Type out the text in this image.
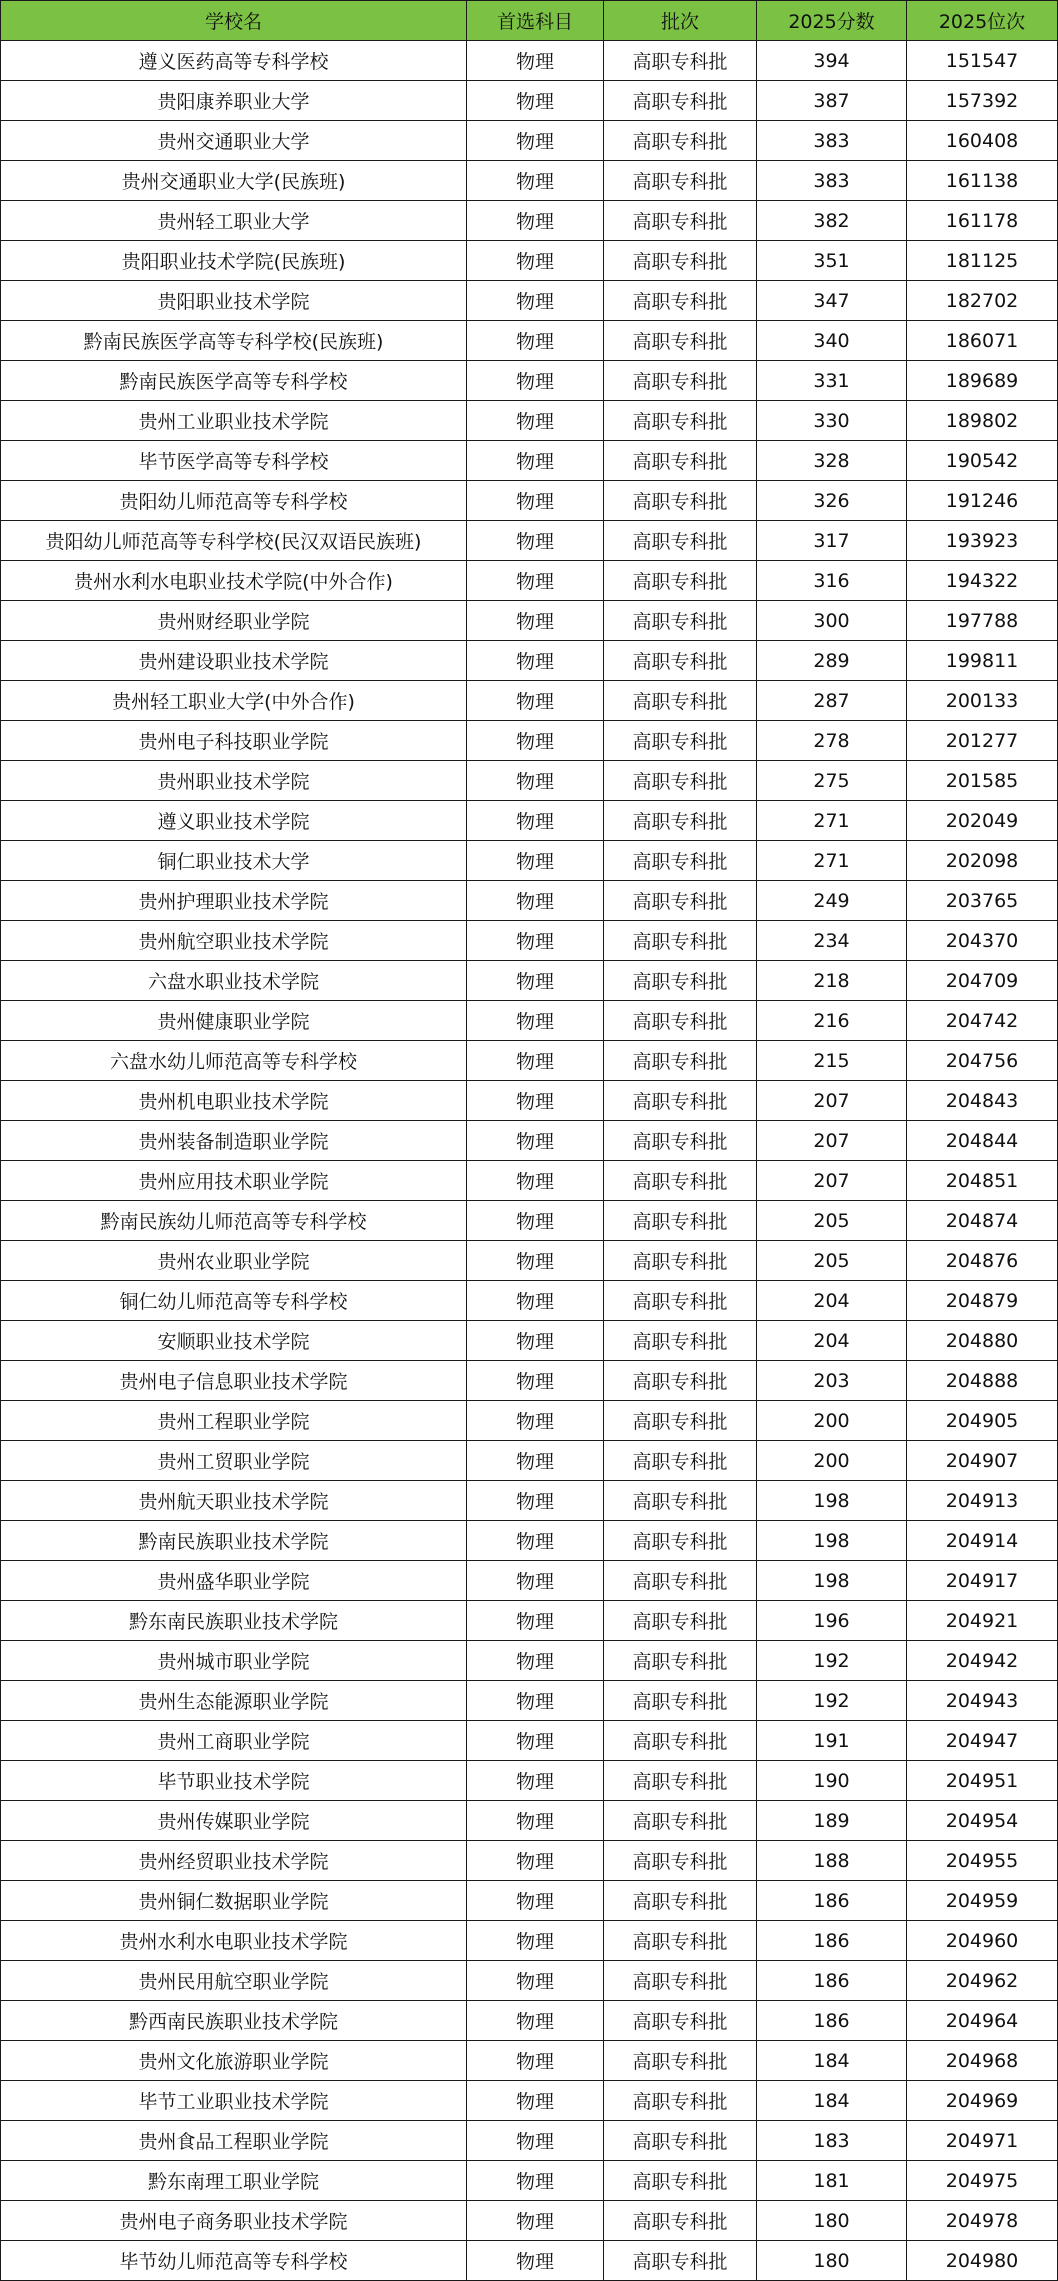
学校名	首选科目	批次	2025分数	2025位次
遵义医药高等专科学校	物理	高职专科批	394	151547
贵阳康养职业大学	物理	高职专科批	387	157392
贵州交通职业大学	物理	高职专科批	383	160408
贵州交通职业大学(民族班)	物理	高职专科批	383	161138
贵州轻工职业大学	物理	高职专科批	382	161178
贵阳职业技术学院(民族班)	物理	高职专科批	351	181125
贵阳职业技术学院	物理	高职专科批	347	182702
黔南民族医学高等专科学校(民族班)	物理	高职专科批	340	186071
黔南民族医学高等专科学校	物理	高职专科批	331	189689
贵州工业职业技术学院	物理	高职专科批	330	189802
毕节医学高等专科学校	物理	高职专科批	328	190542
贵阳幼儿师范高等专科学校	物理	高职专科批	326	191246
贵阳幼儿师范高等专科学校(民汉双语民族班)	物理	高职专科批	317	193923
贵州水利水电职业技术学院(中外合作)	物理	高职专科批	316	194322
贵州财经职业学院	物理	高职专科批	300	197788
贵州建设职业技术学院	物理	高职专科批	289	199811
贵州轻工职业大学(中外合作)	物理	高职专科批	287	200133
贵州电子科技职业学院	物理	高职专科批	278	201277
贵州职业技术学院	物理	高职专科批	275	201585
遵义职业技术学院	物理	高职专科批	271	202049
铜仁职业技术大学	物理	高职专科批	271	202098
贵州护理职业技术学院	物理	高职专科批	249	203765
贵州航空职业技术学院	物理	高职专科批	234	204370
六盘水职业技术学院	物理	高职专科批	218	204709
贵州健康职业学院	物理	高职专科批	216	204742
六盘水幼儿师范高等专科学校	物理	高职专科批	215	204756
贵州机电职业技术学院	物理	高职专科批	207	204843
贵州装备制造职业学院	物理	高职专科批	207	204844
贵州应用技术职业学院	物理	高职专科批	207	204851
黔南民族幼儿师范高等专科学校	物理	高职专科批	205	204874
贵州农业职业学院	物理	高职专科批	205	204876
铜仁幼儿师范高等专科学校	物理	高职专科批	204	204879
安顺职业技术学院	物理	高职专科批	204	204880
贵州电子信息职业技术学院	物理	高职专科批	203	204888
贵州工程职业学院	物理	高职专科批	200	204905
贵州工贸职业学院	物理	高职专科批	200	204907
贵州航天职业技术学院	物理	高职专科批	198	204913
黔南民族职业技术学院	物理	高职专科批	198	204914
贵州盛华职业学院	物理	高职专科批	198	204917
黔东南民族职业技术学院	物理	高职专科批	196	204921
贵州城市职业学院	物理	高职专科批	192	204942
贵州生态能源职业学院	物理	高职专科批	192	204943
贵州工商职业学院	物理	高职专科批	191	204947
毕节职业技术学院	物理	高职专科批	190	204951
贵州传媒职业学院	物理	高职专科批	189	204954
贵州经贸职业技术学院	物理	高职专科批	188	204955
贵州铜仁数据职业学院	物理	高职专科批	186	204959
贵州水利水电职业技术学院	物理	高职专科批	186	204960
贵州民用航空职业学院	物理	高职专科批	186	204962
黔西南民族职业技术学院	物理	高职专科批	186	204964
贵州文化旅游职业学院	物理	高职专科批	184	204968
毕节工业职业技术学院	物理	高职专科批	184	204969
贵州食品工程职业学院	物理	高职专科批	183	204971
黔东南理工职业学院	物理	高职专科批	181	204975
贵州电子商务职业技术学院	物理	高职专科批	180	204978
毕节幼儿师范高等专科学校	物理	高职专科批	180	204980
